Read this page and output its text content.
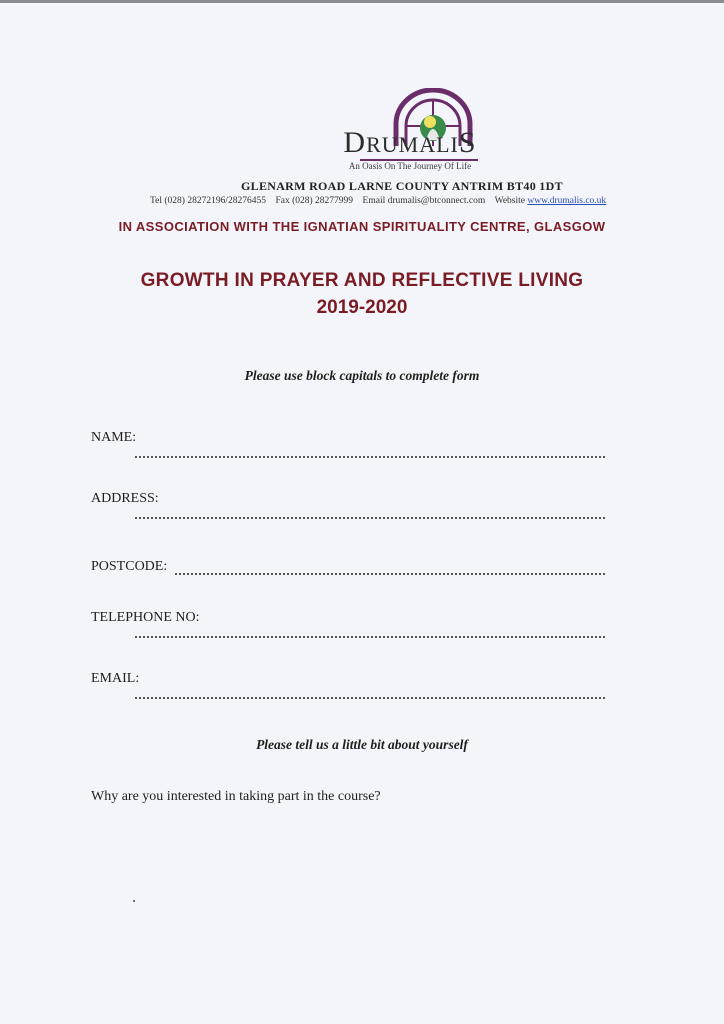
DRUMALIS
An Oasis On The Journey Of Life
GLENARM ROAD LARNE COUNTY ANTRIM BT40 1DT
Tel (028) 28272196/28276455 Fax (028) 28277999 Email drumalis@btconnect.com Website www.drumalis.co.uk
IN ASSOCIATION WITH THE IGNATIAN SPIRITUALITY CENTRE, GLASGOW
GROWTH IN PRAYER AND REFLECTIVE LIVING
2019-2020
Please use block capitals to complete form
NAME:
ADDRESS:
POSTCODE:
TELEPHONE NO:
EMAIL:
Please tell us a little bit about yourself
Why are you interested in taking part in the course?
